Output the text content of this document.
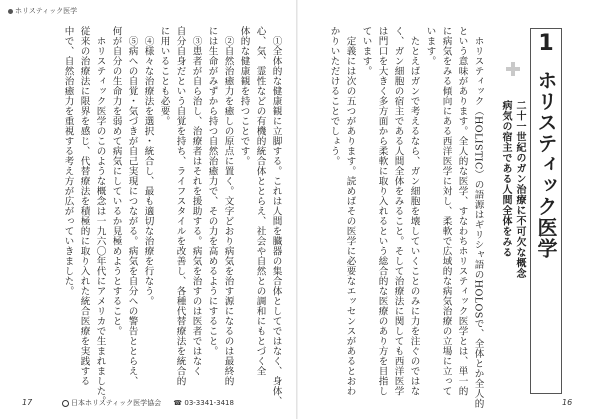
ホリスティック医学
　①全体的な健康観に立脚する。これは人間を臓器の集合体としてではなく、身体、
心、気、霊性などの有機的統合体ととらえ、社会や自然との調和にもとづく全
体的な健康観を持つことです。
　②自然治癒力を癒しの原点に置く。文字どおり病気を治す源になるのは最終的
には生命がみずから持つ自然治癒力で、その力を高めるようにすること。
　③患者が自ら治し、治療者はそれを援助する。病気を治すのは医者ではなく
自分自身だという自覚を持ち、ライフスタイルを改善し、各種代替療法を統合的
に用いることも必要。
　④様々な治療法を選択・統合し、最も適切な治療を行なう。
　⑤病への自覚・気づきが自己実現につながる。病気を自分への警告ととらえ、
何が自分の生命力を弱めて病気にしているか見極めようとすること。
　ホリスティック医学のこのような概念は一九六〇年代にアメリカで生まれました。
従来の治療法に限界を感じ、代替療法を積極的に取り入れた統合医療を実践する
中で、自然治癒力を重視する考え方が広がっていきました。	1
ホリスティック医学
二十一世紀のガン治療に不可欠な概念
病気の宿主である人間全体をみる
　ホリスティック（HOLISTIC）の語源はギリシャ語のHOLOSで、全体とか全人的
という意味があります。全人的な医学、すなわちホリスティック医学とは、単一的
に病気をみる傾向にある西洋医学に対し、柔軟で広域的な病気治療の立場に立って
います。
　たとえばガンで考えるなら、ガン細胞を壊していくことのみに力を注ぐのではな
く、ガン細胞の宿主である人間全体をみること。そして治療法に関しても西洋医学
は門口を大きく多方面から柔軟に取り入れるという総合的な医療のあり方を目指し
ています。
　定義には次の五つがあります。読めばその医学に必要なエッセンスがあるとおわ
かりいただけることでしょう。
17	日本ホリスティック医学協会 ☎ 03-3341-3418	16
